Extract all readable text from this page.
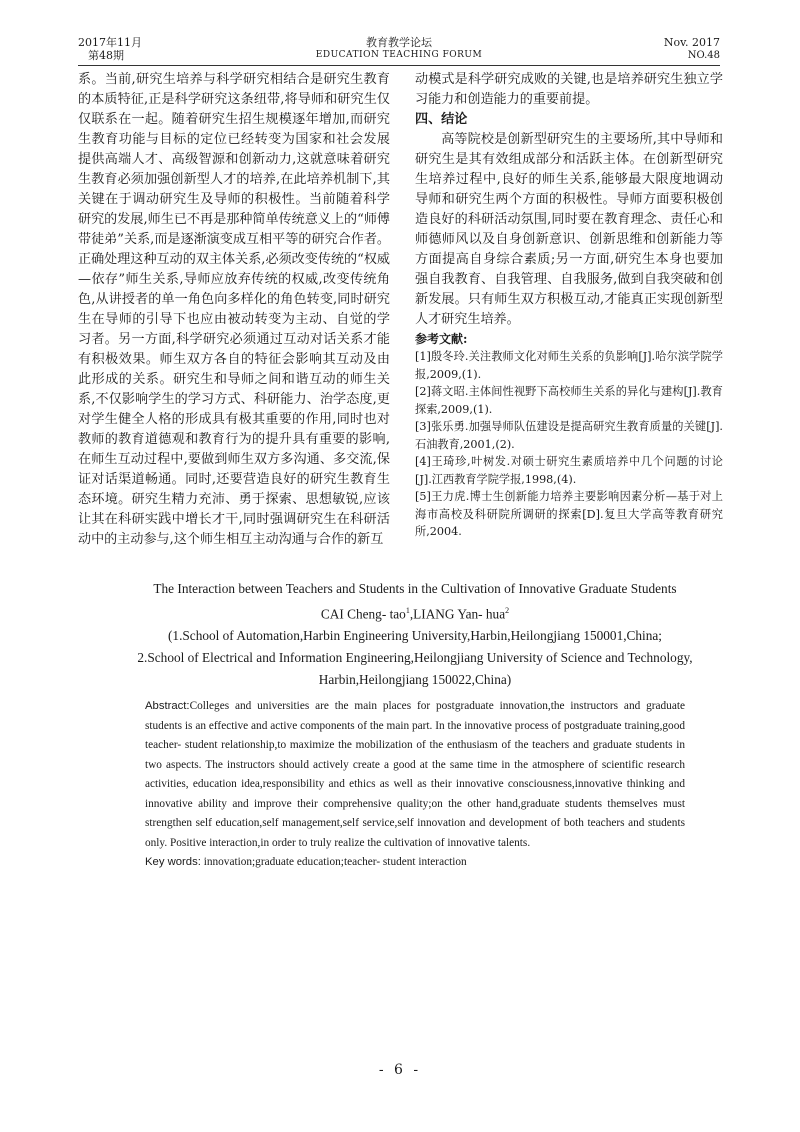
2017年11月
第48期
教育教学论坛
EDUCATION TEACHING FORUM
Nov. 2017
NO.48

系。当前,研究生培养与科学研究相结合是研究生教育的本质特征,正是科学研究这条纽带,将导师和研究生仅仅联系在一起。随着研究生招生规模逐年增加,而研究生教育功能与目标的定位已经转变为国家和社会发展提供高端人才、高级智源和创新动力,这就意味着研究生教育必须加强创新型人才的培养,在此培养机制下,其关键在于调动研究生及导师的积极性。当前随着科学研究的发展,师生已不再是那种简单传统意义上的“师傅带徒弟”关系,而是逐渐演变成互相平等的研究合作者。正确处理这种互动的双主体关系,必须改变传统的“权威—依存”师生关系,导师应放弃传统的权威,改变传统角色,从讲授者的单一角色向多样化的角色转变,同时研究生在导师的引导下也应由被动转变为主动、自觉的学习者。另一方面,科学研究必须通过互动对话关系才能有积极效果。师生双方各自的特征会影响其互动及由此形成的关系。研究生和导师之间和谐互动的师生关系,不仅影响学生的学习方式、科研能力、治学态度,更对学生健全人格的形成具有极其重要的作用,同时也对教师的教育道德观和教育行为的提升具有重要的影响,在师生互动过程中,要做到师生双方多沟通、多交流,保证对话渠道畅通。同时,还要营造良好的研究生教育生态环境。研究生精力充沛、勇于探索、思想敏锐,应该让其在科研实践中增长才干,同时强调研究生在科研活动中的主动参与,这个师生相互主动沟通与合作的新互

动模式是科学研究成败的关键,也是培养研究生独立学习能力和创造能力的重要前提。

四、结论

高等院校是创新型研究生的主要场所,其中导师和研究生是其有效组成部分和活跃主体。在创新型研究生培养过程中,良好的师生关系,能够最大限度地调动导师和研究生两个方面的积极性。导师方面要积极创造良好的科研活动氛围,同时要在教育理念、责任心和师德师风以及自身创新意识、创新思维和创新能力等方面提高自身综合素质;另一方面,研究生本身也要加强自我教育、自我管理、自我服务,做到自我突破和创新发展。只有师生双方积极互动,才能真正实现创新型人才研究生培养。

参考文献:

[1]殷冬玲.关注教师文化对师生关系的负影响[J].哈尔滨学院学报,2009,(1).
[2]蒋文昭.主体间性视野下高校师生关系的异化与建构[J].教育探索,2009,(1).
[3]张乐勇.加强导师队伍建设是提高研究生教育质量的关键[J].石油教育,2001,(2).
[4]王琦珍,叶树发.对硕士研究生素质培养中几个问题的讨论[J].江西教育学院学报,1998,(4).
[5]王力虎.博士生创新能力培养主要影响因素分析—基于对上海市高校及科研院所调研的探索[D].复旦大学高等教育研究所,2004.

The Interaction between Teachers and Students in the Cultivation of Innovative Graduate Students

CAI Cheng- tao$^1$,LIANG Yan- hua$^2$

(1.School of Automation,Harbin Engineering University,Harbin,Heilongjiang 150001,China;

2.School of Electrical and Information Engineering,Heilongjiang University of Science and Technology,

Harbin,Heilongjiang 150022,China)

Abstract:Colleges and universities are the main places for postgraduate innovation,the instructors and graduate students is an effective and active components of the main part. In the innovative process of postgraduate training,good teacher- student relationship,to maximize the mobilization of the enthusiasm of the teachers and graduate students in two aspects. The instructors should actively create a good at the same time in the atmosphere of scientific research activities, education idea,responsibility and ethics as well as their innovative consciousness,innovative thinking and innovative ability and improve their comprehensive quality;on the other hand,graduate students themselves must strengthen self education,self management,self service,self innovation and development of both teachers and students only. Positive interaction,in order to truly realize the cultivation of innovative talents.

Key words: innovation;graduate education;teacher- student interaction

- 6 -
